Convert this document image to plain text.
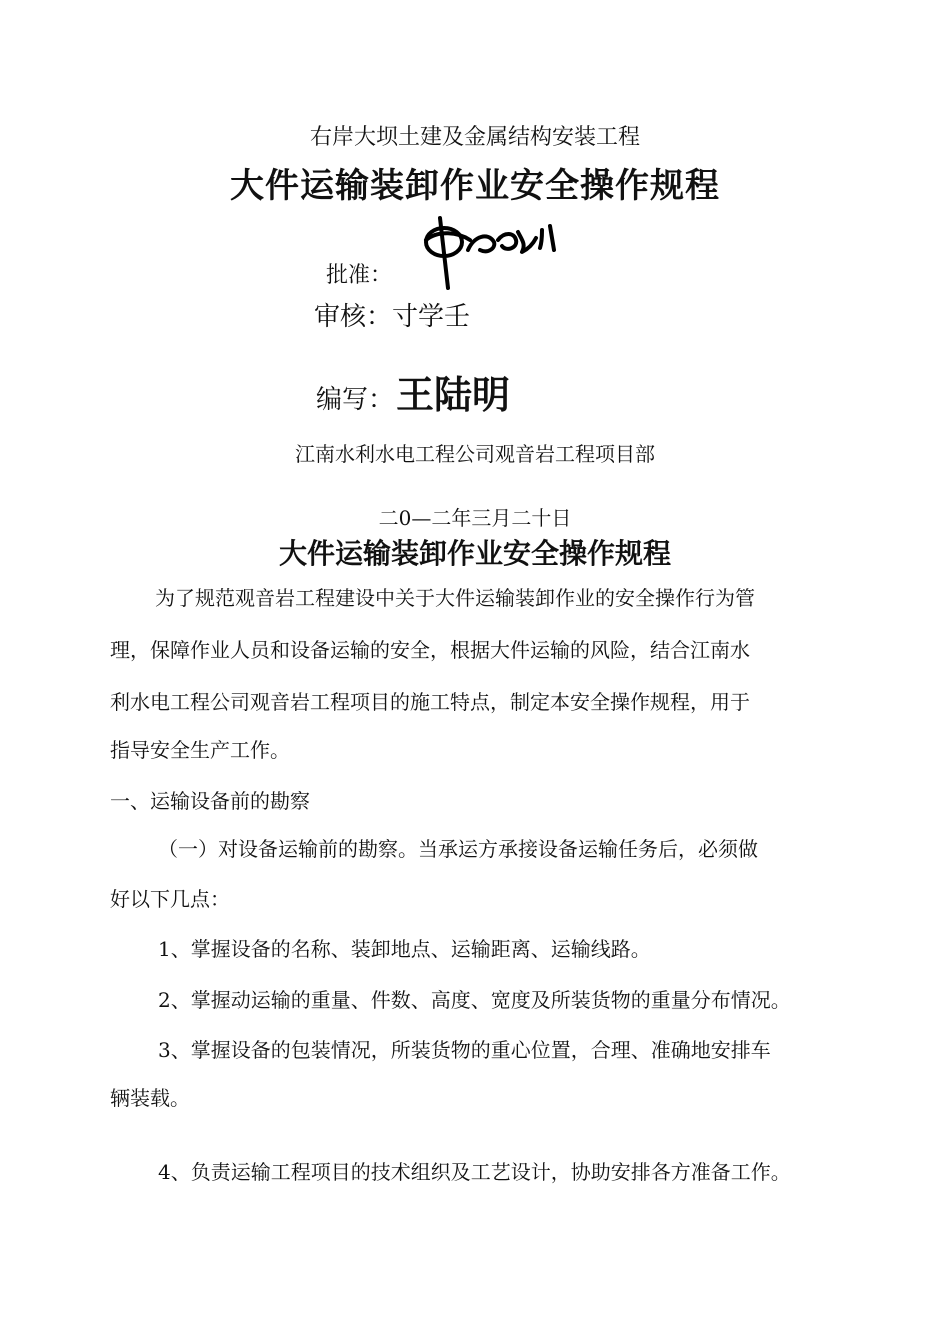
右岸大坝土建及金属结构安装工程
大件运输装卸作业安全操作规程
批准：
审核：寸学壬
编写：王陆明
江南水利水电工程公司观音岩工程项目部
二0—二年三月二十日
大件运输装卸作业安全操作规程
为了规范观音岩工程建设中关于大件运输装卸作业的安全操作行为管
理，保障作业人员和设备运输的安全，根据大件运输的风险，结合江南水
利水电工程公司观音岩工程项目的施工特点，制定本安全操作规程，用于
指导安全生产工作。
一、运输设备前的勘察
（一）对设备运输前的勘察。当承运方承接设备运输任务后，必须做
好以下几点：
1、掌握设备的名称、装卸地点、运输距离、运输线路。
2、掌握动运输的重量、件数、高度、宽度及所装货物的重量分布情况。
3、掌握设备的包装情况，所装货物的重心位置，合理、准确地安排车
辆装载。
4、负责运输工程项目的技术组织及工艺设计，协助安排各方准备工作。
